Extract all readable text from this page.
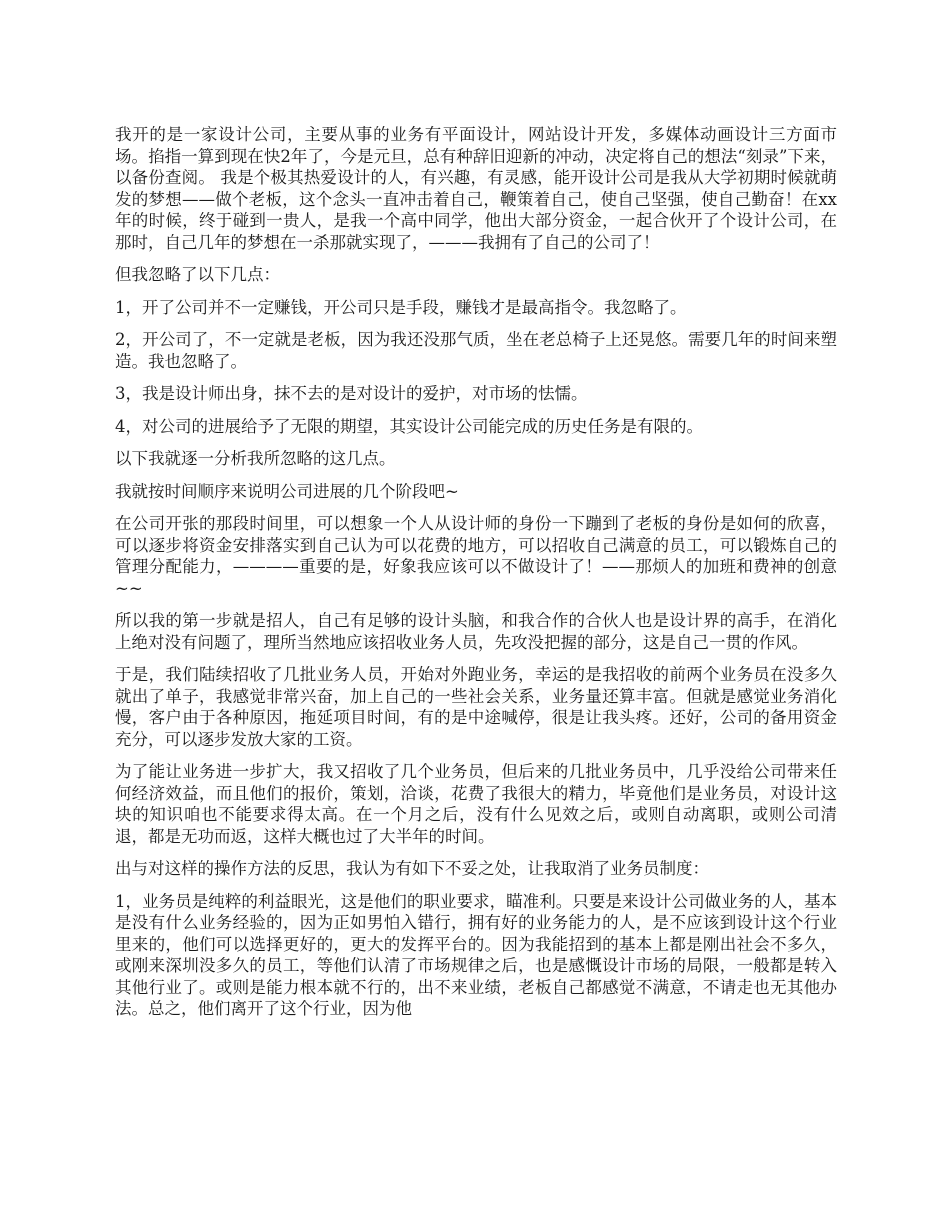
我开的是一家设计公司，主要从事的业务有平面设计，网站设计开发，多媒体动画设计三方面市场。掐指一算到现在快2年了，今是元旦，总有种辞旧迎新的冲动，决定将自己的想法“刻录”下来，以备份查阅。 我是个极其热爱设计的人，有兴趣，有灵感，能开设计公司是我从大学初期时候就萌发的梦想——做个老板，这个念头一直冲击着自己，鞭策着自己，使自己坚强，使自己勤奋！在xx年的时候，终于碰到一贵人，是我一个高中同学，他出大部分资金，一起合伙开了个设计公司，在那时，自己几年的梦想在一杀那就实现了，———我拥有了自己的公司了！

但我忽略了以下几点：

1，开了公司并不一定赚钱，开公司只是手段，赚钱才是最高指令。我忽略了。

2，开公司了，不一定就是老板，因为我还没那气质，坐在老总椅子上还晃悠。需要几年的时间来塑造。我也忽略了。

3，我是设计师出身，抹不去的是对设计的爱护，对市场的怯懦。

4，对公司的进展给予了无限的期望，其实设计公司能完成的历史任务是有限的。

以下我就逐一分析我所忽略的这几点。

我就按时间顺序来说明公司进展的几个阶段吧~

在公司开张的那段时间里，可以想象一个人从设计师的身份一下蹦到了老板的身份是如何的欣喜，可以逐步将资金安排落实到自己认为可以花费的地方，可以招收自己满意的员工，可以锻炼自己的管理分配能力，————重要的是，好象我应该可以不做设计了！——那烦人的加班和费神的创意~~

所以我的第一步就是招人，自己有足够的设计头脑，和我合作的合伙人也是设计界的高手，在消化上绝对没有问题了，理所当然地应该招收业务人员，先攻没把握的部分，这是自己一贯的作风。

于是，我们陆续招收了几批业务人员，开始对外跑业务，幸运的是我招收的前两个业务员在没多久就出了单子，我感觉非常兴奋，加上自己的一些社会关系，业务量还算丰富。但就是感觉业务消化慢，客户由于各种原因，拖延项目时间，有的是中途喊停，很是让我头疼。还好，公司的备用资金充分，可以逐步发放大家的工资。

为了能让业务进一步扩大，我又招收了几个业务员，但后来的几批业务员中，几乎没给公司带来任何经济效益，而且他们的报价，策划，洽谈，花费了我很大的精力，毕竟他们是业务员，对设计这块的知识咱也不能要求得太高。在一个月之后，没有什么见效之后，或则自动离职，或则公司清退，都是无功而返，这样大概也过了大半年的时间。

出与对这样的操作方法的反思，我认为有如下不妥之处，让我取消了业务员制度：

1，业务员是纯粹的利益眼光，这是他们的职业要求，瞄准利。只要是来设计公司做业务的人，基本是没有什么业务经验的，因为正如男怕入错行，拥有好的业务能力的人，是不应该到设计这个行业里来的，他们可以选择更好的，更大的发挥平台的。因为我能招到的基本上都是刚出社会不多久，或刚来深圳没多久的员工，等他们认清了市场规律之后，也是感慨设计市场的局限，一般都是转入其他行业了。或则是能力根本就不行的，出不来业绩，老板自己都感觉不满意，不请走也无其他办法。总之，他们离开了这个行业，因为他
